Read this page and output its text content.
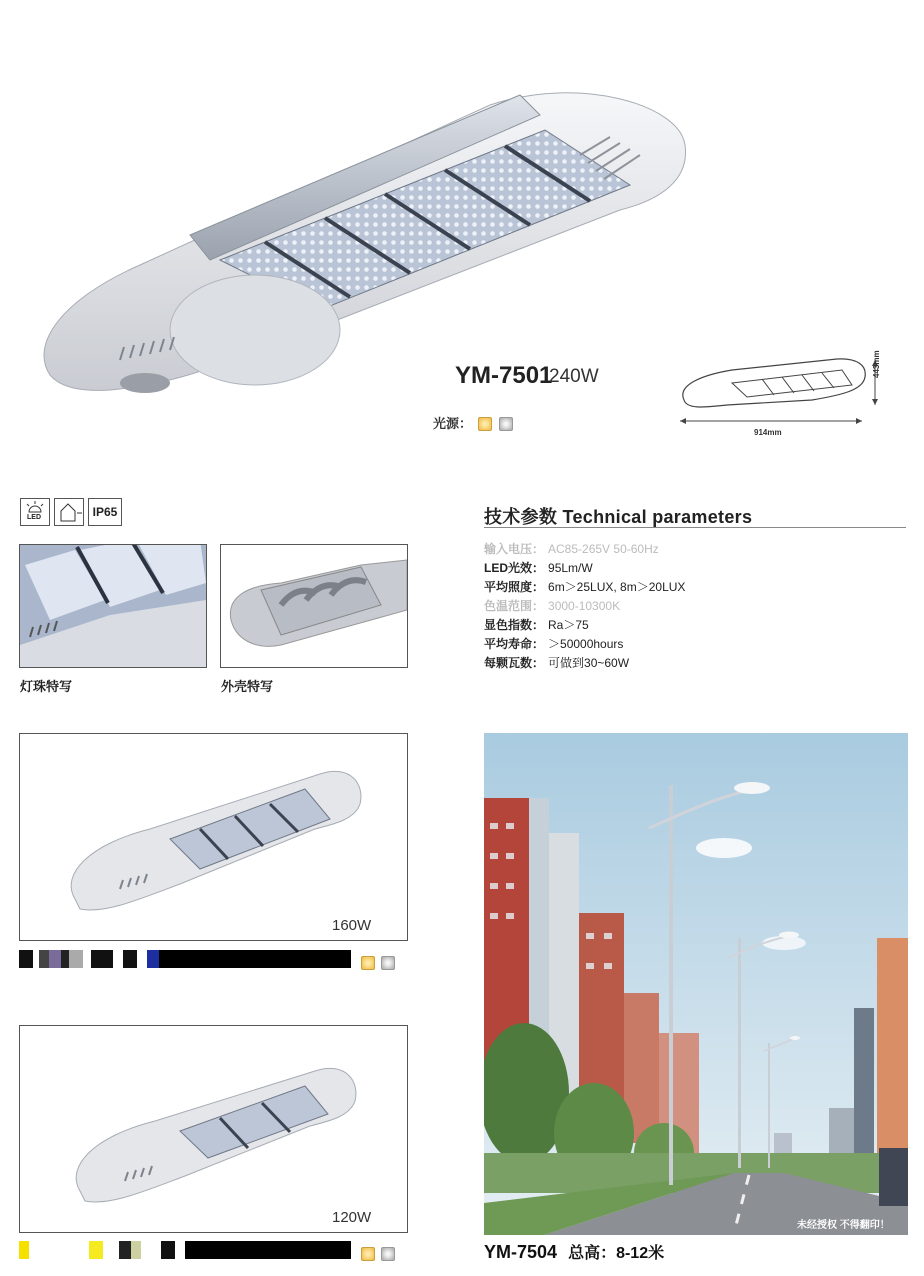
YM-7501
240W
光源：
914mm
443mm
LED	IP65	技术参数 Technical parameters
输入电压： AC85-265V 50-60Hz
LED光效： 95Lm/W
平均照度： 6m＞25LUX, 8m＞20LUX
色温范围： 3000-10300K
显色指数： Ra＞75
平均寿命： ＞50000hours
每颗瓦数： 可做到30~60W
灯珠特写	外壳特写
160W

120W
	未经授权 不得翻印！
YM-7504 总高：8-12米
